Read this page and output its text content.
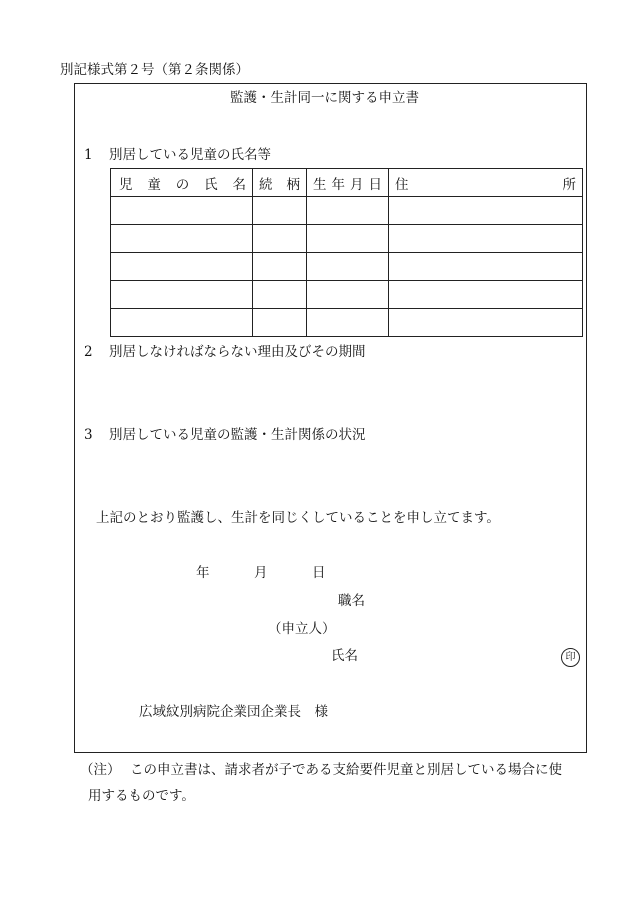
別記様式第２号（第２条関係）
監護・生計同一に関する申立書
1 別居している児童の氏名等
児 童 の 氏 名	続 柄	生 年 月 日	住 所

2 別居しなければならない理由及びその期間
3 別居している児童の監護・生計関係の状況
上記のとおり監護し、生計を同じくしていることを申し立てます。
年	月	日
職名
（申立人）
氏名	印
広域紋別病院企業団企業長　様
（注） この申立書は、請求者が子である支給要件児童と別居している場合に使
用するものです。
